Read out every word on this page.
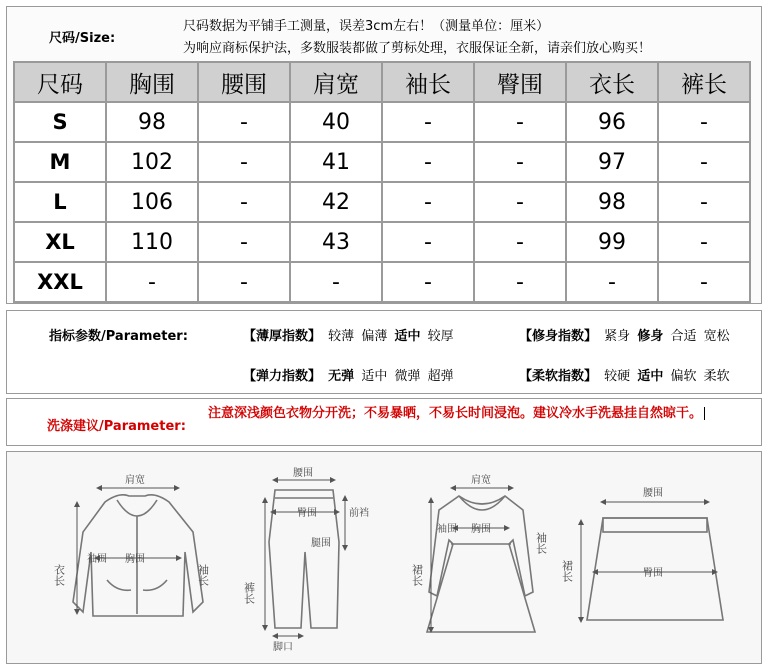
尺码/Size:
尺码数据为平铺手工测量，误差3cm左右！（测量单位：厘米）
为响应商标保护法，多数服装都做了剪标处理，衣服保证全新，请亲们放心购买！
尺码	胸围	腰围	肩宽	袖长	臀围	衣长	裤长
S	98	-	40	-	-	96	-
M	102	-	41	-	-	97	-
L	106	-	42	-	-	98	-
XL	110	-	43	-	-	99	-
XXL	-	-	-	-	-	-	-
指标参数/Parameter:	【薄厚指数】 较薄 偏薄 适中 较厚	【修身指数】 紧身 修身 合适 宽松
【弹力指数】 无弹 适中 微弹 超弹	【柔软指数】 较硬 适中 偏软 柔软
洗涤建议/Parameter:
注意深浅颜色衣物分开洗；不易暴晒，不易长时间浸泡。建议冷水手洗悬挂自然晾干。
肩宽
袖围 胸围
衣长	袖长
腰围
臀围	前裆
腿围
裤长
脚口
肩宽
袖围 胸围
裙长
袖长
腰围
臀围
裙长
